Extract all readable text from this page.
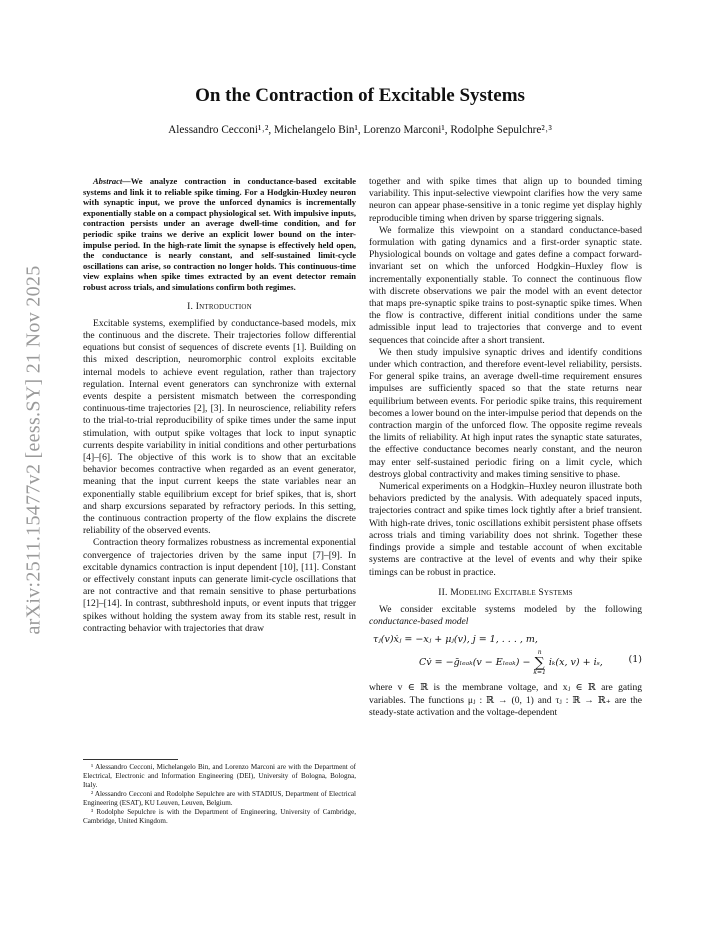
arXiv:2511.15477v2 [eess.SY] 21 Nov 2025
On the Contraction of Excitable Systems
Alessandro Cecconi¹˒², Michelangelo Bin¹, Lorenzo Marconi¹, Rodolphe Sepulchre²˒³

Abstract—We analyze contraction in conductance-based excitable systems and link it to reliable spike timing. For a Hodgkin-Huxley neuron with synaptic input, we prove the unforced dynamics is incrementally exponentially stable on a compact physiological set. With impulsive inputs, contraction persists under an average dwell-time condition, and for periodic spike trains we derive an explicit lower bound on the inter-impulse period. In the high-rate limit the synapse is effectively held open, the conductance is nearly constant, and self-sustained limit-cycle oscillations can arise, so contraction no longer holds. This continuous-time view explains when spike times extracted by an event detector remain robust across trials, and simulations confirm both regimes.

I. Introduction

Excitable systems, exemplified by conductance-based models, mix the continuous and the discrete. Their trajectories follow differential equations but consist of sequences of discrete events [1]. Building on this mixed description, neuromorphic control exploits excitable internal models to achieve event regulation, rather than trajectory regulation. Internal event generators can synchronize with external events despite a persistent mismatch between the corresponding continuous-time trajectories [2], [3]. In neuroscience, reliability refers to the trial-to-trial reproducibility of spike times under the same input stimulation, with output spike voltages that lock to input synaptic currents despite variability in initial conditions and other perturbations [4]–[6]. The objective of this work is to show that an excitable behavior becomes contractive when regarded as an event generator, meaning that the input current keeps the state variables near an exponentially stable equilibrium except for brief spikes, that is, short and sharp excursions separated by refractory periods. In this setting, the continuous contraction property of the flow explains the discrete reliability of the observed events.

Contraction theory formalizes robustness as incremental exponential convergence of trajectories driven by the same input [7]–[9]. In excitable dynamics contraction is input dependent [10], [11]. Constant or effectively constant inputs can generate limit-cycle oscillations that are not contractive and that remain sensitive to phase perturbations [12]–[14]. In contrast, subthreshold inputs, or event inputs that trigger spikes without holding the system away from its stable rest, result in contracting behavior with trajectories that draw

¹ Alessandro Cecconi, Michelangelo Bin, and Lorenzo Marconi are with the Department of Electrical, Electronic and Information Engineering (DEI), University of Bologna, Bologna, Italy.

² Alessandro Cecconi and Rodolphe Sepulchre are with STADIUS, Department of Electrical Engineering (ESAT), KU Leuven, Leuven, Belgium.

³ Rodolphe Sepulchre is with the Department of Engineering, University of Cambridge, Cambridge, United Kingdom.

together and with spike times that align up to bounded timing variability. This input-selective viewpoint clarifies how the very same neuron can appear phase-sensitive in a tonic regime yet display highly reproducible timing when driven by sparse triggering signals.

We formalize this viewpoint on a standard conductance-based formulation with gating dynamics and a first-order synaptic state. Physiological bounds on voltage and gates define a compact forward-invariant set on which the unforced Hodgkin–Huxley flow is incrementally exponentially stable. To connect the continuous flow with discrete observations we pair the model with an event detector that maps pre-synaptic spike trains to post-synaptic spike times. When the flow is contractive, different initial conditions under the same admissible input lead to trajectories that converge and to event sequences that coincide after a short transient.

We then study impulsive synaptic drives and identify conditions under which contraction, and therefore event-level reliability, persists. For general spike trains, an average dwell-time requirement ensures impulses are sufficiently spaced so that the state returns near equilibrium between events. For periodic spike trains, this requirement becomes a lower bound on the inter-impulse period that depends on the contraction margin of the unforced flow. The opposite regime reveals the limits of reliability. At high input rates the synaptic state saturates, the effective conductance becomes nearly constant, and the neuron may enter self-sustained periodic firing on a limit cycle, which destroys global contractivity and makes timing sensitive to phase.

Numerical experiments on a Hodgkin–Huxley neuron illustrate both behaviors predicted by the analysis. With adequately spaced inputs, trajectories contract and spike times lock tightly after a brief transient. With high-rate drives, tonic oscillations exhibit persistent phase offsets across trials and timing variability does not shrink. Together these findings provide a simple and testable account of when excitable systems are contractive at the level of events and why their spike timings can be robust in practice.

II. Modeling Excitable Systems

We consider excitable systems modeled by the following conductance-based model

τⱼ(v)ẋⱼ = −xⱼ + μⱼ(v), j = 1, . . . , m,
Cv̇ = −ḡₗₑₐₖ(v − Eₗₑₐₖ) −
n
∑
k=1
iₖ(x, v) + iₛ,	(1)

where v ∈ ℝ is the membrane voltage, and xⱼ ∈ ℝ are gating variables. The functions μⱼ : ℝ → (0, 1) and τⱼ : ℝ → ℝ₊ are the steady-state activation and the voltage-dependent
